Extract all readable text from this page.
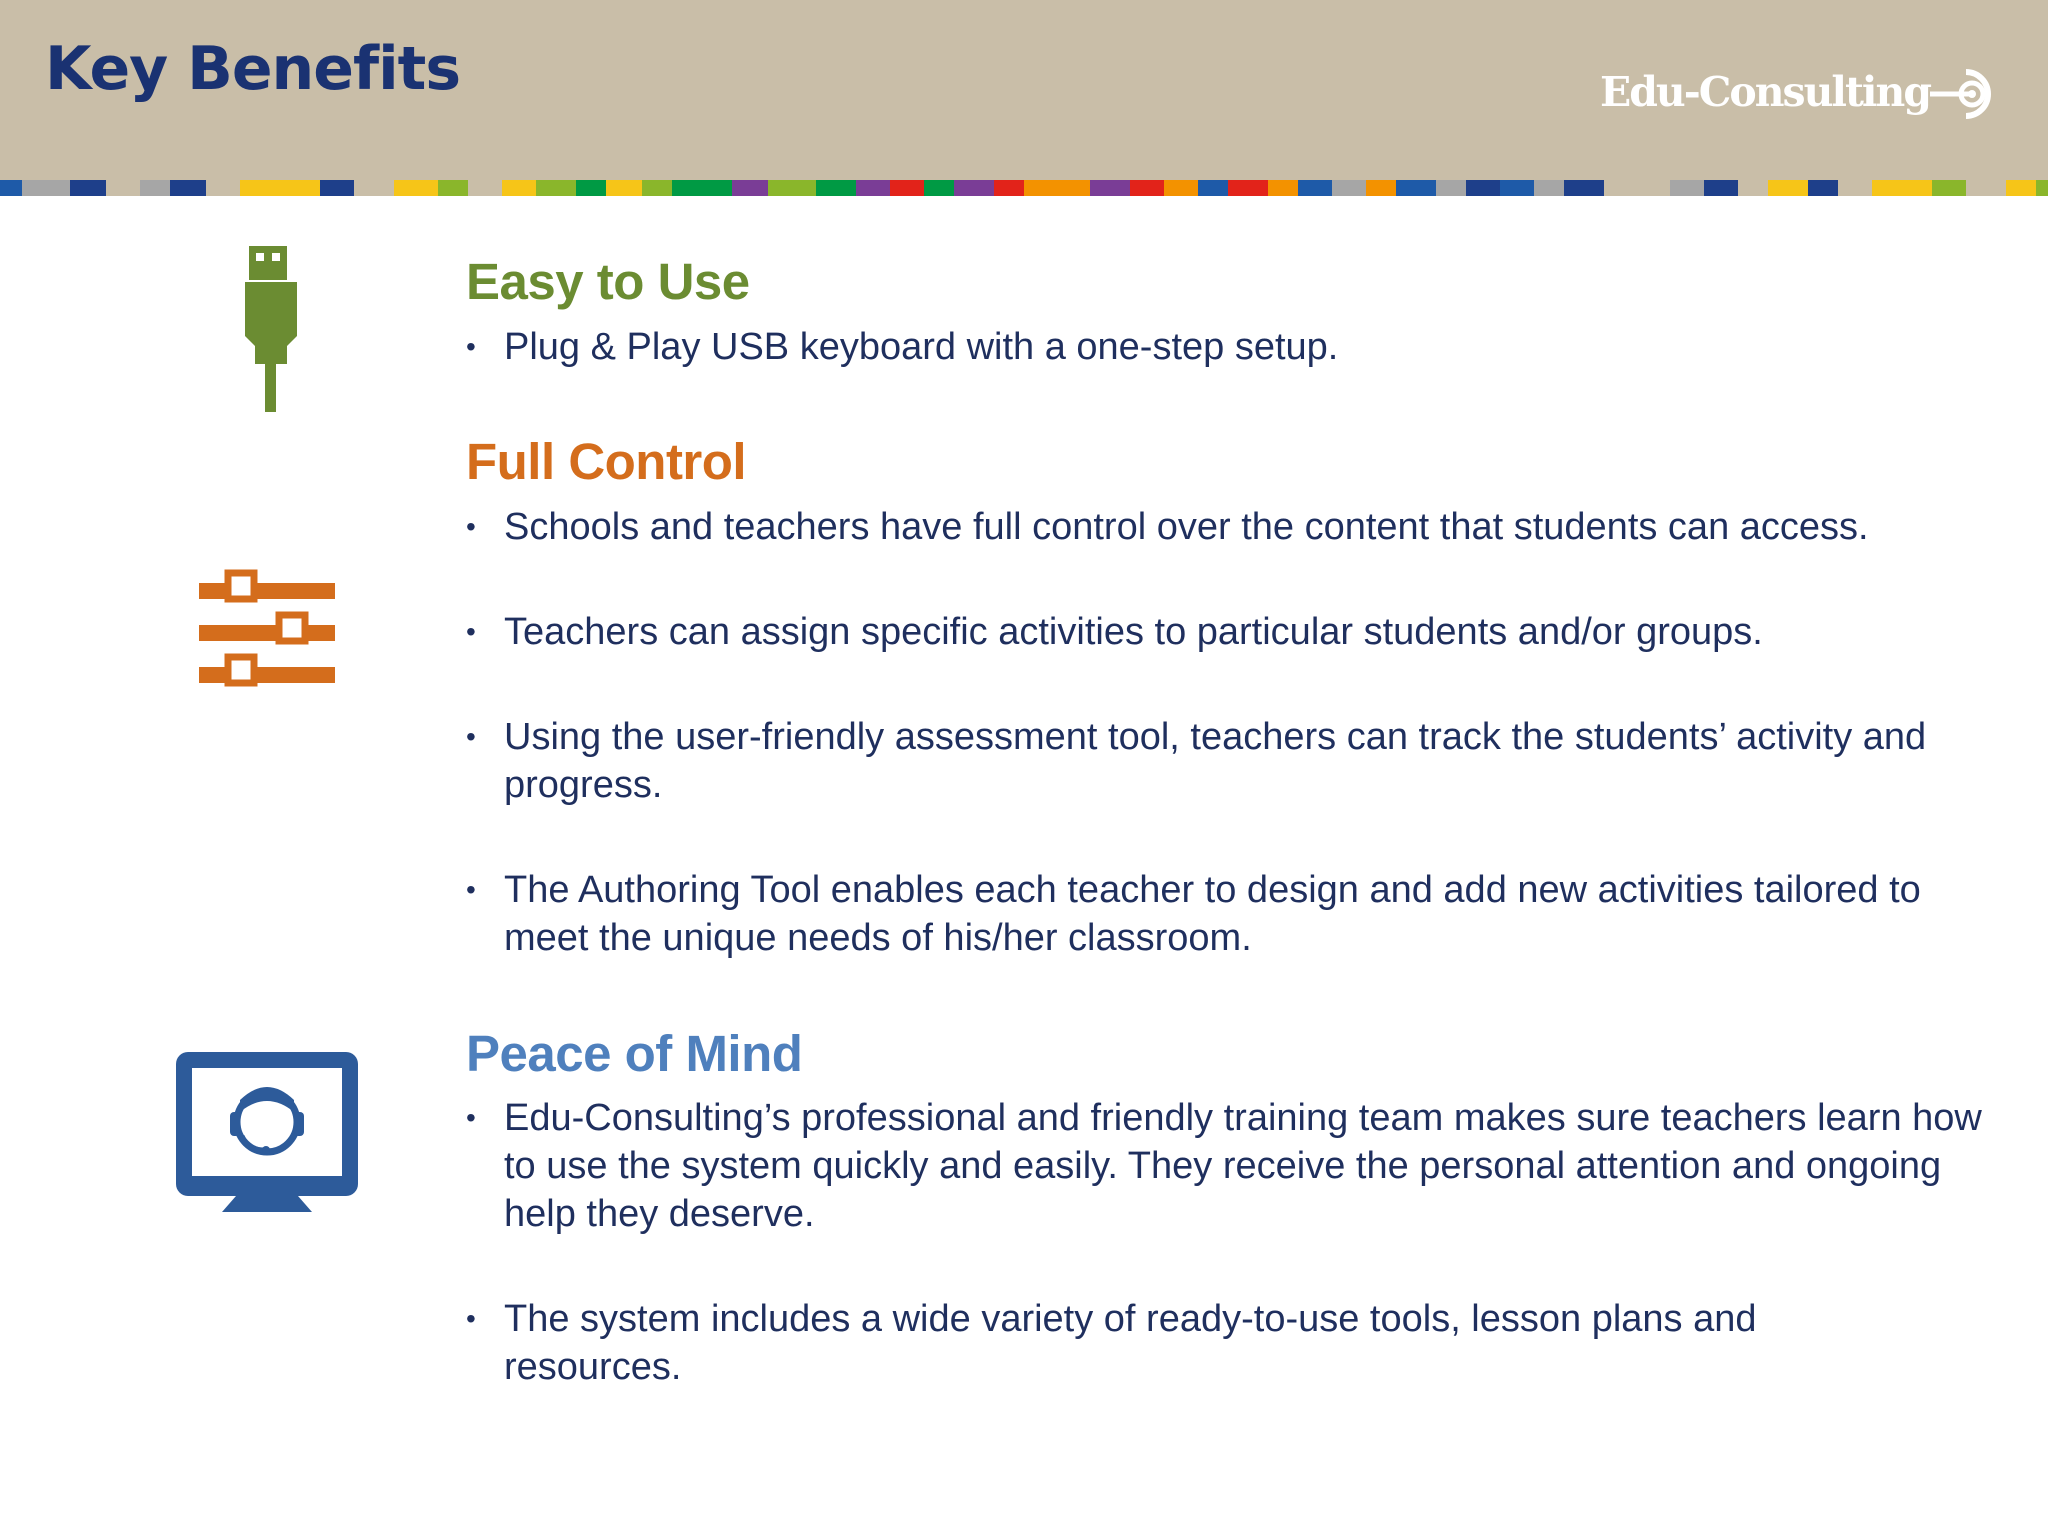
Key Benefits	Edu-Consulting
Easy to Use
• Plug & Play USB keyboard with a one-step setup.
Full Control
• Schools and teachers have full control over the content that students can access.
• Teachers can assign specific activities to particular students and/or groups.
• Using the user-friendly assessment tool, teachers can track the students’ activity and progress.
• The Authoring Tool enables each teacher to design and add new activities tailored to meet the unique needs of his/her classroom.
Peace of Mind
• Edu-Consulting’s professional and friendly training team makes sure teachers learn how to use the system quickly and easily. They receive the personal attention and ongoing help they deserve.
• The system includes a wide variety of ready-to-use tools, lesson plans and resources.
